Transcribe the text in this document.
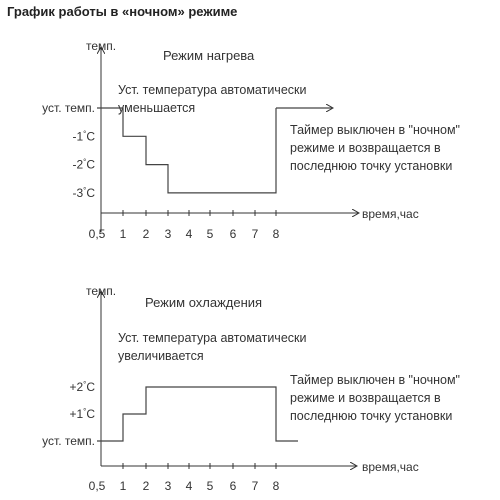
График работы в «ночном» режиме
темп.
время,час
Режим нагрева
Уст. температура автоматически
уменьшается
Таймер выключен в "ночном"
режиме и возвращается в
последнюю точку установки
0,5 1 2 3 4 5 6 7 8
уст. темп.
-1°C
-2°C
-3°C
темп.
время,час
Режим охлаждения
Уст. температура автоматически
увеличивается
Таймер выключен в "ночном"
режиме и возвращается в
последнюю точку установки
0,5 1 2 3 4 5 6 7 8
+2°C
+1°C
уст. темп.
